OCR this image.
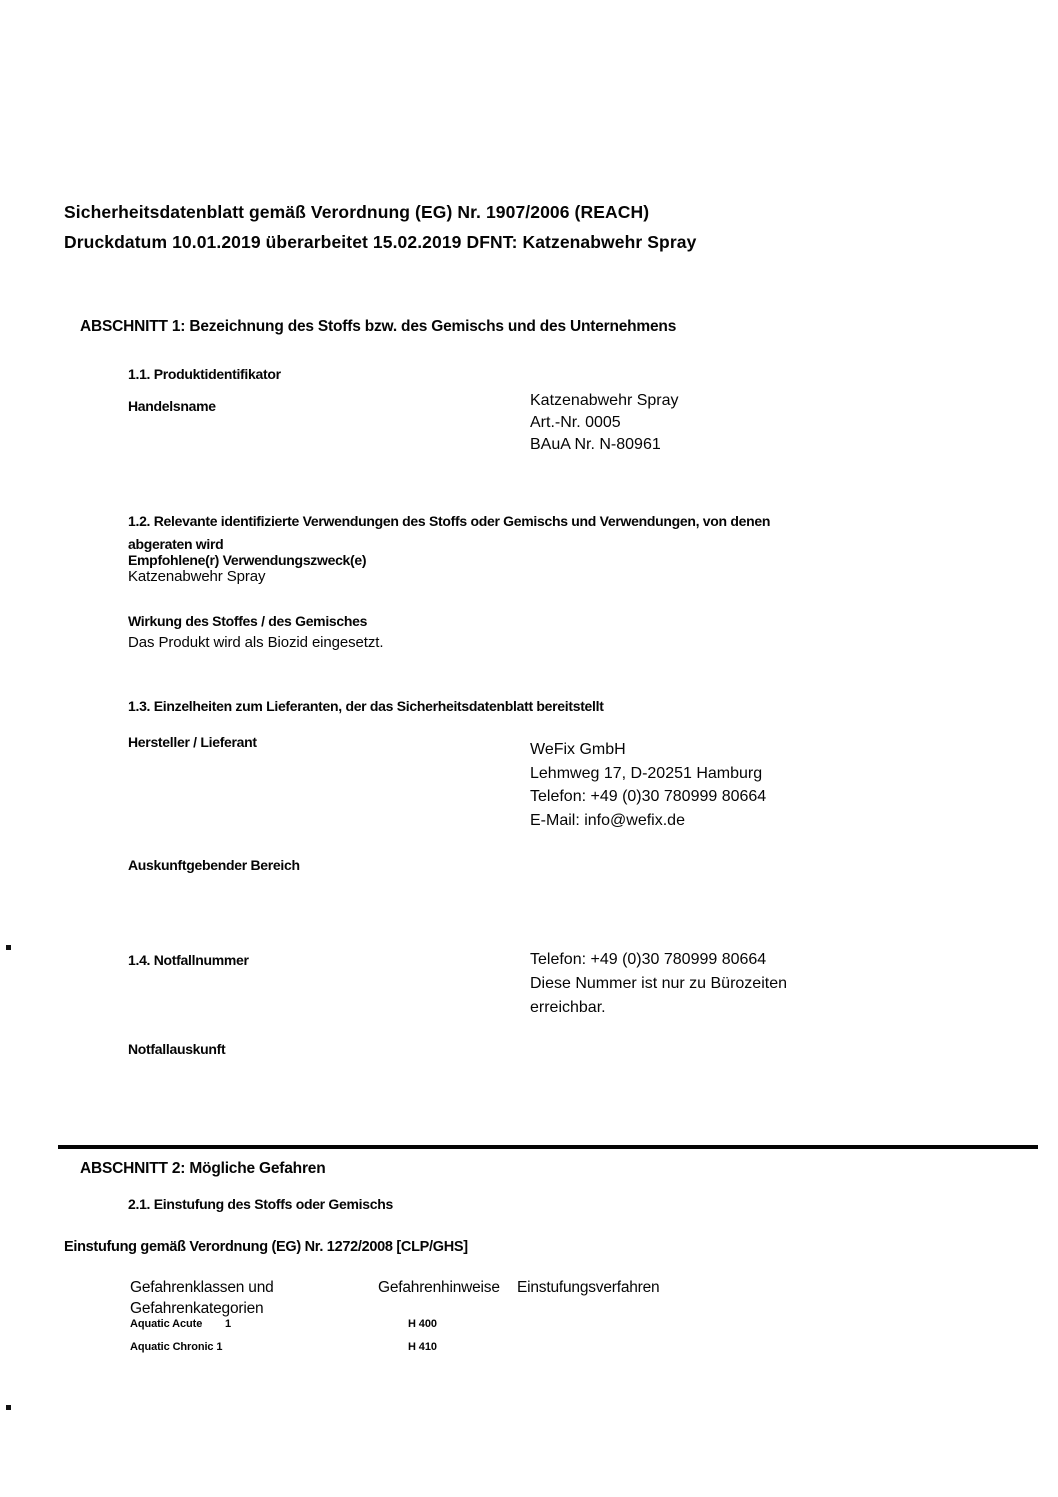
Sicherheitsdatenblatt gemäß Verordnung (EG) Nr. 1907/2006 (REACH)
Druckdatum 10.01.2019 überarbeitet 15.02.2019 DFNT: Katzenabwehr Spray
ABSCHNITT 1: Bezeichnung des Stoffs bzw. des Gemischs und des Unternehmens
1.1. Produktidentifikator
Handelsname	Katzenabwehr Spray
Art.-Nr. 0005
BAuA Nr. N-80961
1.2. Relevante identifizierte Verwendungen des Stoffs oder Gemischs und Verwendungen, von denen
abgeraten wird
Empfohlene(r) Verwendungszweck(e)
Katzenabwehr Spray
Wirkung des Stoffes / des Gemisches
Das Produkt wird als Biozid eingesetzt.
1.3. Einzelheiten zum Lieferanten, der das Sicherheitsdatenblatt bereitstellt
Hersteller / Lieferant	WeFix GmbH
Lehmweg 17, D-20251 Hamburg
Telefon: +49 (0)30 780999 80664
E-Mail: info@wefix.de
Auskunftgebender Bereich
1.4. Notfallnummer	Telefon: +49 (0)30 780999 80664
Diese Nummer ist nur zu Bürozeiten
erreichbar.
Notfallauskunft
ABSCHNITT 2: Mögliche Gefahren
2.1. Einstufung des Stoffs oder Gemischs
Einstufung gemäß Verordnung (EG) Nr. 1272/2008 [CLP/GHS]
Gefahrenklassen und
Gefahrenkategorien
Gefahrenhinweise Einstufungsverfahren
Aquatic Acute 1	H 400
Aquatic Chronic 1	H 410
